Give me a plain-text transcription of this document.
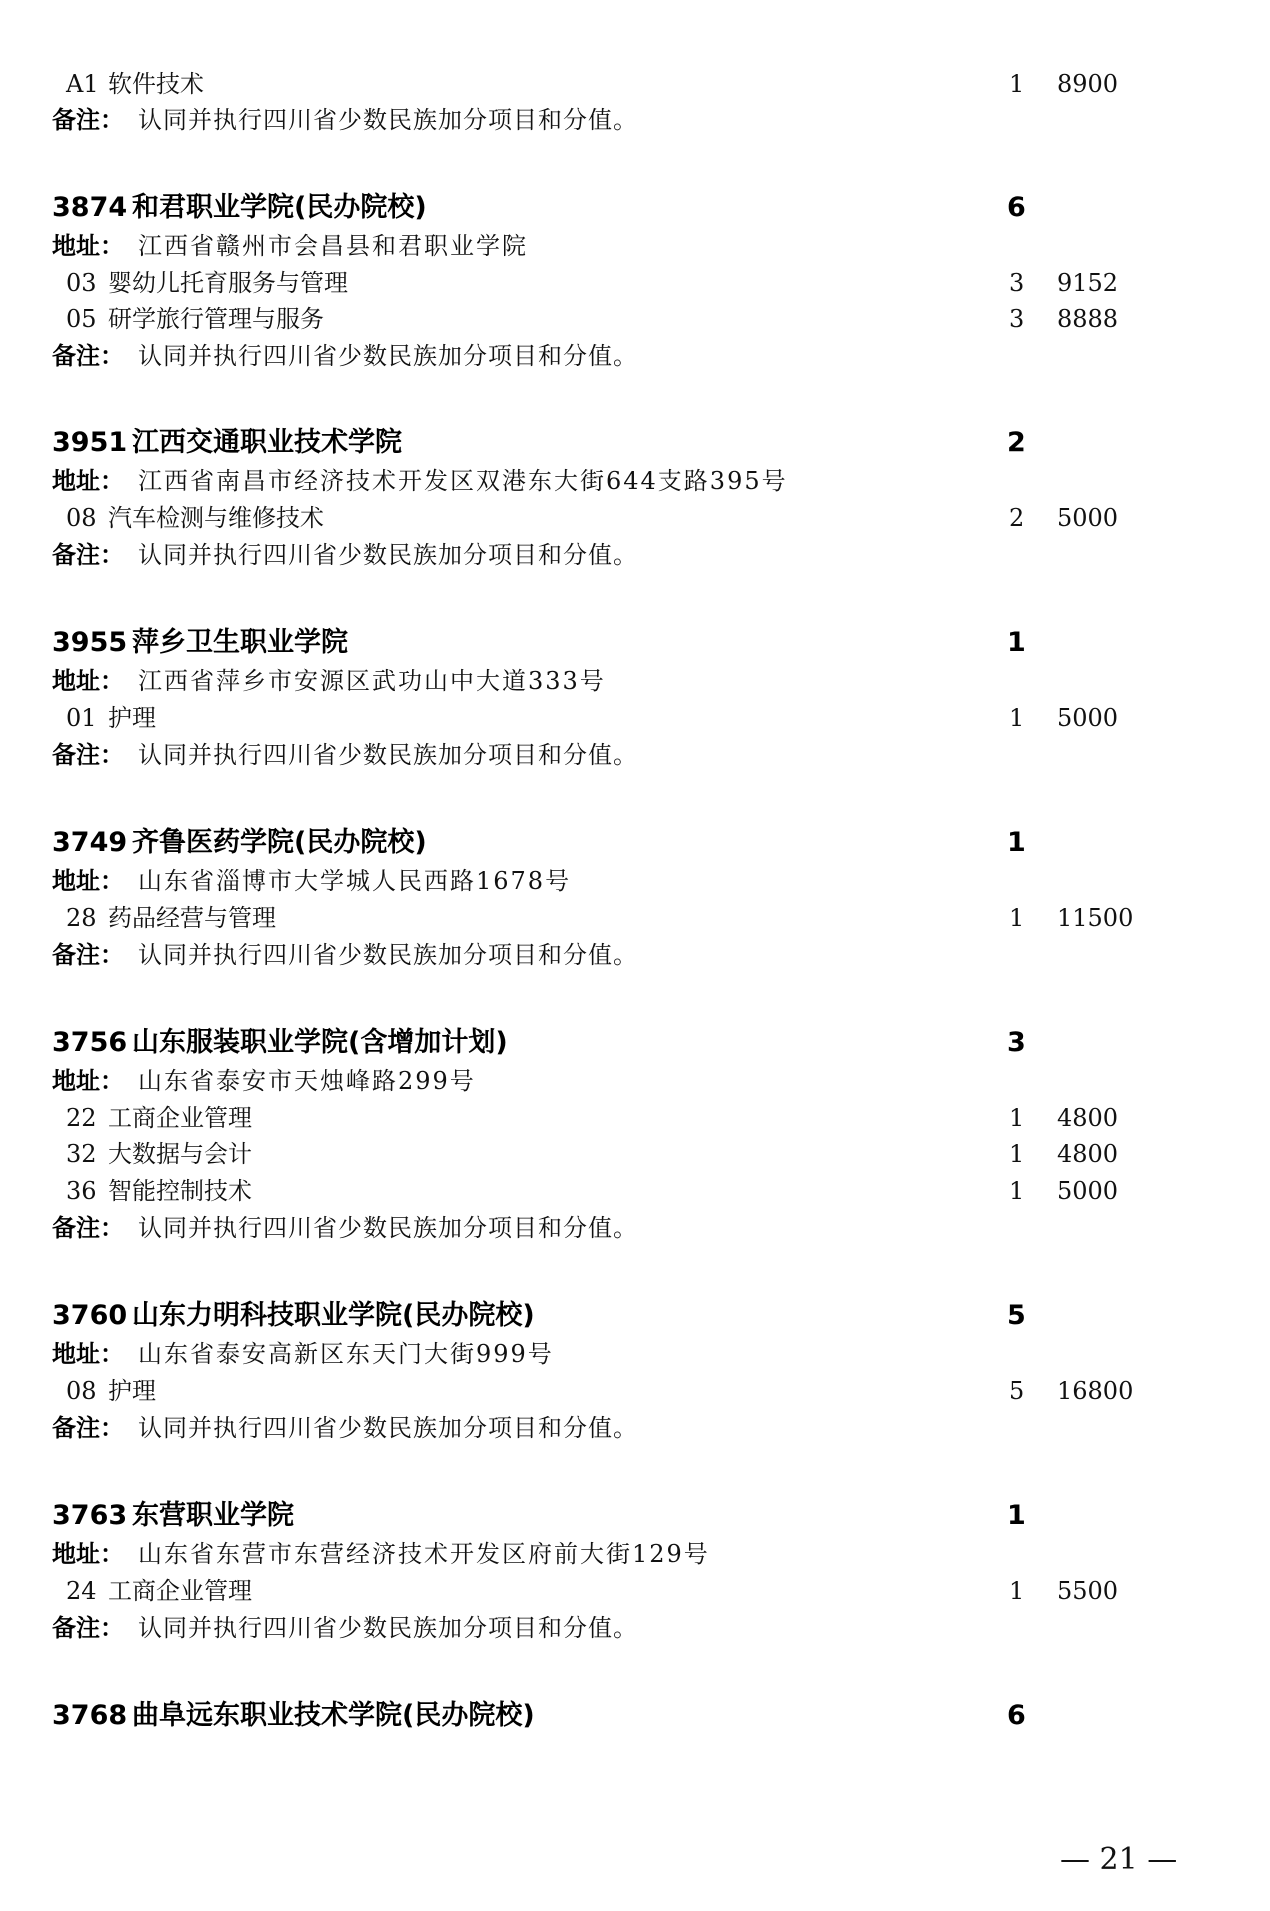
A1 软件技术	1 8900
备注： 认同并执行四川省少数民族加分项目和分值。
3874 和君职业学院(民办院校)	6
地址： 江西省赣州市会昌县和君职业学院
03 婴幼儿托育服务与管理	3 9152
05 研学旅行管理与服务	3 8888
备注： 认同并执行四川省少数民族加分项目和分值。
3951 江西交通职业技术学院	2
地址： 江西省南昌市经济技术开发区双港东大街644支路395号
08 汽车检测与维修技术	2 5000
备注： 认同并执行四川省少数民族加分项目和分值。
3955 萍乡卫生职业学院	1
地址： 江西省萍乡市安源区武功山中大道333号
01 护理	1 5000
备注： 认同并执行四川省少数民族加分项目和分值。
3749 齐鲁医药学院(民办院校)	1
地址： 山东省淄博市大学城人民西路1678号
28 药品经营与管理	1 11500
备注： 认同并执行四川省少数民族加分项目和分值。
3756 山东服装职业学院(含增加计划)	3
地址： 山东省泰安市天烛峰路299号
22 工商企业管理	1 4800
32 大数据与会计	1 4800
36 智能控制技术	1 5000
备注： 认同并执行四川省少数民族加分项目和分值。
3760 山东力明科技职业学院(民办院校)	5
地址： 山东省泰安高新区东天门大街999号
08 护理	5 16800
备注： 认同并执行四川省少数民族加分项目和分值。
3763 东营职业学院	1
地址： 山东省东营市东营经济技术开发区府前大街129号
24 工商企业管理	1 5500
备注： 认同并执行四川省少数民族加分项目和分值。
3768 曲阜远东职业技术学院(民办院校)	6
— 21 —
